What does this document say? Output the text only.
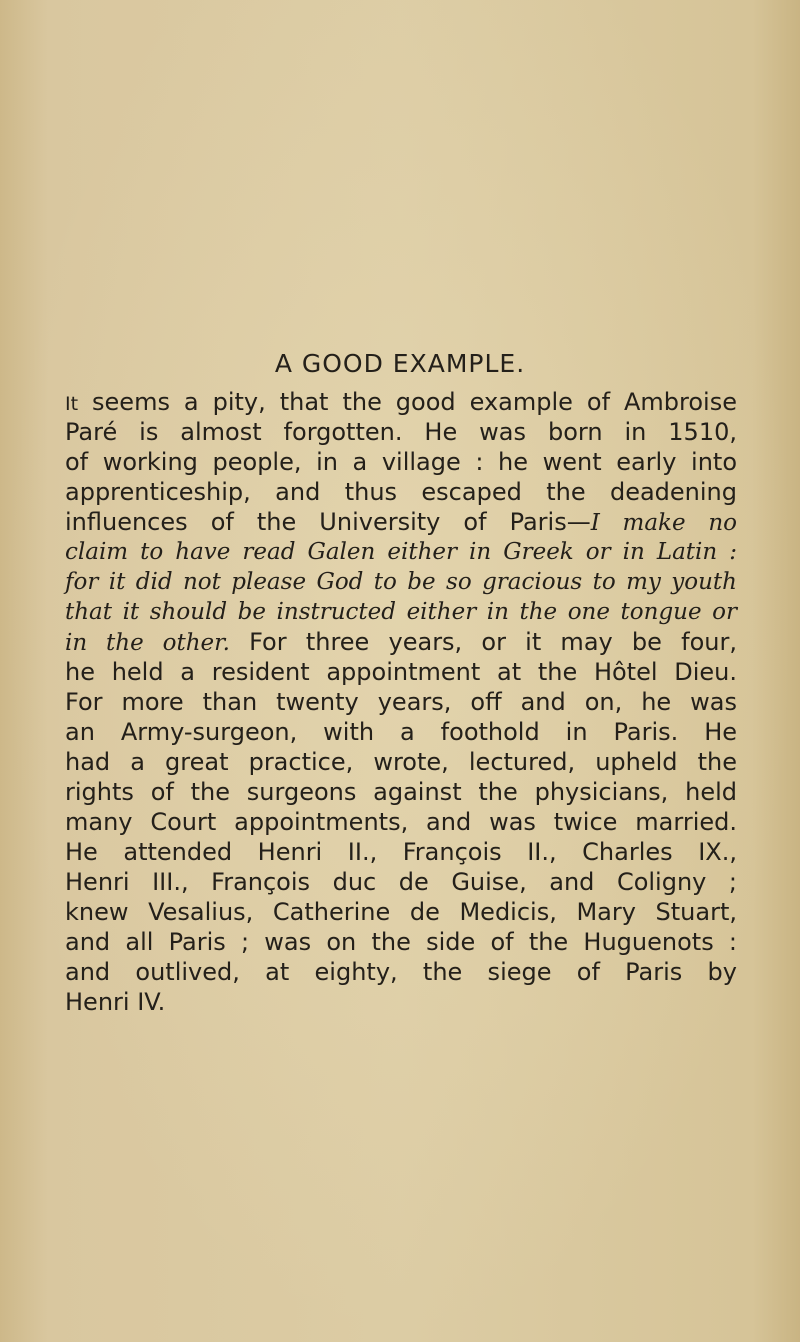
A GOOD EXAMPLE.
It seems a pity, that the good example of Ambroise
Paré is almost forgotten. He was born in 1510,
of working people, in a village : he went early into
apprenticeship, and thus escaped the deadening
influences of the University of Paris—I make no
claim to have read Galen either in Greek or in Latin :
for it did not please God to be so gracious to my youth
that it should be instructed either in the one tongue or
in the other. For three years, or it may be four,
he held a resident appointment at the Hôtel Dieu.
For more than twenty years, off and on, he was
an Army-surgeon, with a foothold in Paris. He
had a great practice, wrote, lectured, upheld the
rights of the surgeons against the physicians, held
many Court appointments, and was twice married.
He attended Henri II., François II., Charles IX.,
Henri III., François duc de Guise, and Coligny ;
knew Vesalius, Catherine de Medicis, Mary Stuart,
and all Paris ; was on the side of the Huguenots :
and outlived, at eighty, the siege of Paris by
Henri IV.
